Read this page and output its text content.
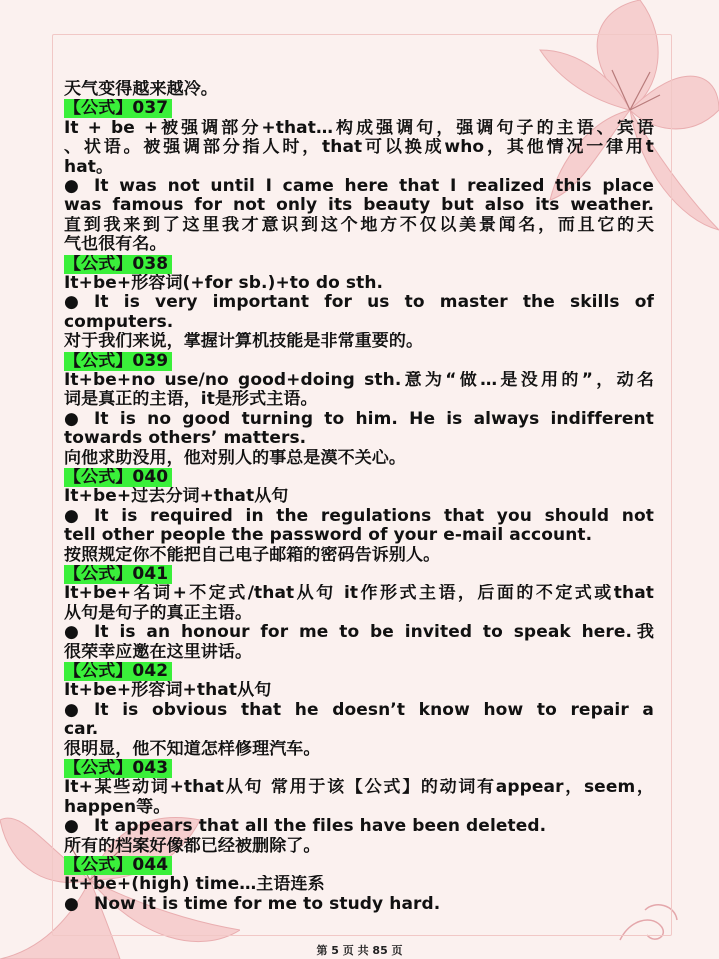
天气变得越来越冷。
【公式】037
It + be +被强调部分+that…构成强调句，强调句子的主语、宾语
、状语。被强调部分指人时，that可以换成who，其他情况一律用t
hat。
● It was not until I came here that I realized this place
was famous for not only its beauty but also its weather.
直到我来到了这里我才意识到这个地方不仅以美景闻名，而且它的天
气也很有名。
【公式】038
It+be+形容词(+for sb.)+to do sth.
● It is very important for us to master the skills of
computers.
对于我们来说，掌握计算机技能是非常重要的。
【公式】039
It+be+no use/no good+doing sth.意为“做…是没用的”，动名
词是真正的主语，it是形式主语。
● It is no good turning to him. He is always indifferent
towards others’ matters.
向他求助没用，他对别人的事总是漠不关心。
【公式】040
It+be+过去分词+that从句
● It is required in the regulations that you should not
tell other people the password of your e-mail account.
按照规定你不能把自己电子邮箱的密码告诉别人。
【公式】041
It+be+名词+不定式/that从句 it作形式主语，后面的不定式或that
从句是句子的真正主语。
● It is an honour for me to be invited to speak here.我
很荣幸应邀在这里讲话。
【公式】042
It+be+形容词+that从句
● It is obvious that he doesn’t know how to repair a
car.
很明显，他不知道怎样修理汽车。
【公式】043
It+某些动词+that从句 常用于该【公式】的动词有appear，seem，
happen等。
● It appears that all the files have been deleted.
所有的档案好像都已经被删除了。
【公式】044
It+be+(high) time…主语连系
● Now it is time for me to study hard.
第 5 页 共 85 页
